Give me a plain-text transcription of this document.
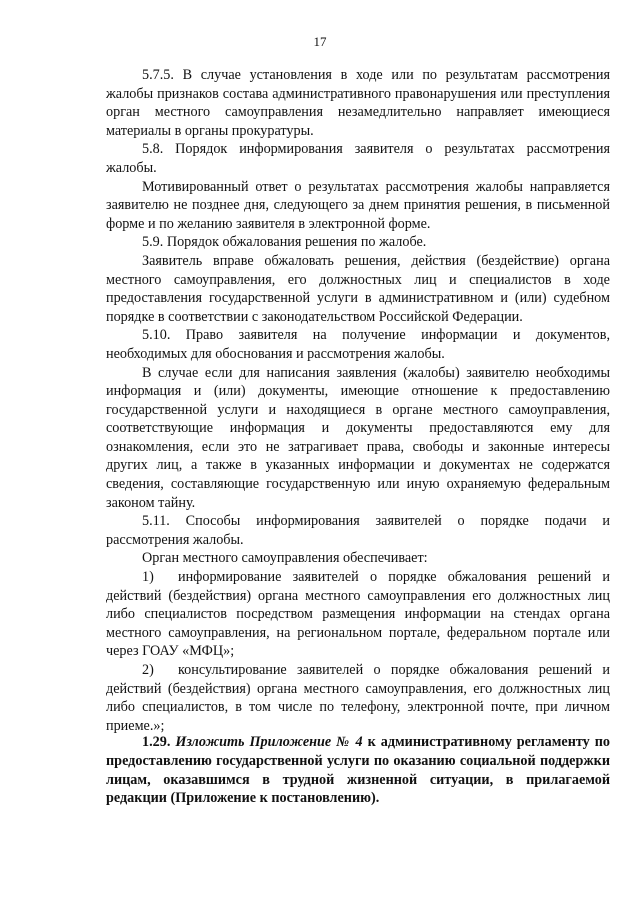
17

5.7.5. В случае установления в ходе или по результатам рассмотрения жалобы признаков состава административного правонарушения или преступления орган местного самоуправления незамедлительно направляет имеющиеся материалы в органы прокуратуры.

5.8. Порядок информирования заявителя о результатах рассмотрения жалобы.

Мотивированный ответ о результатах рассмотрения жалобы направляется заявителю не позднее дня, следующего за днем принятия решения, в письменной форме и по желанию заявителя в электронной форме.

5.9. Порядок обжалования решения по жалобе.

Заявитель вправе обжаловать решения, действия (бездействие) органа местного самоуправления, его должностных лиц и специалистов в ходе предоставления государственной услуги в административном и (или) судебном порядке в соответствии с законодательством Российской Федерации.

5.10. Право заявителя на получение информации и документов, необходимых для обоснования и рассмотрения жалобы.

В случае если для написания заявления (жалобы) заявителю необходимы информация и (или) документы, имеющие отношение к предоставлению государственной услуги и находящиеся в органе местного самоуправления, соответствующие информация и документы предоставляются ему для ознакомления, если это не затрагивает права, свободы и законные интересы других лиц, а также в указанных информации и документах не содержатся сведения, составляющие государственную или иную охраняемую федеральным законом тайну.

5.11. Способы информирования заявителей о порядке подачи и рассмотрения жалобы.

Орган местного самоуправления обеспечивает:

1) информирование заявителей о порядке обжалования решений и действий (бездействия) органа местного самоуправления его должностных лиц либо специалистов посредством размещения информации на стендах органа местного самоуправления, на региональном портале, федеральном портале или через ГОАУ «МФЦ»;

2) консультирование заявителей о порядке обжалования решений и действий (бездействия) органа местного самоуправления, его должностных лиц либо специалистов, в том числе по телефону, электронной почте, при личном приеме.»;

1.29. Изложить Приложение № 4 к административному регламенту по предоставлению государственной услуги по оказанию социальной поддержки лицам, оказавшимся в трудной жизненной ситуации, в прилагаемой редакции (Приложение к постановлению).
